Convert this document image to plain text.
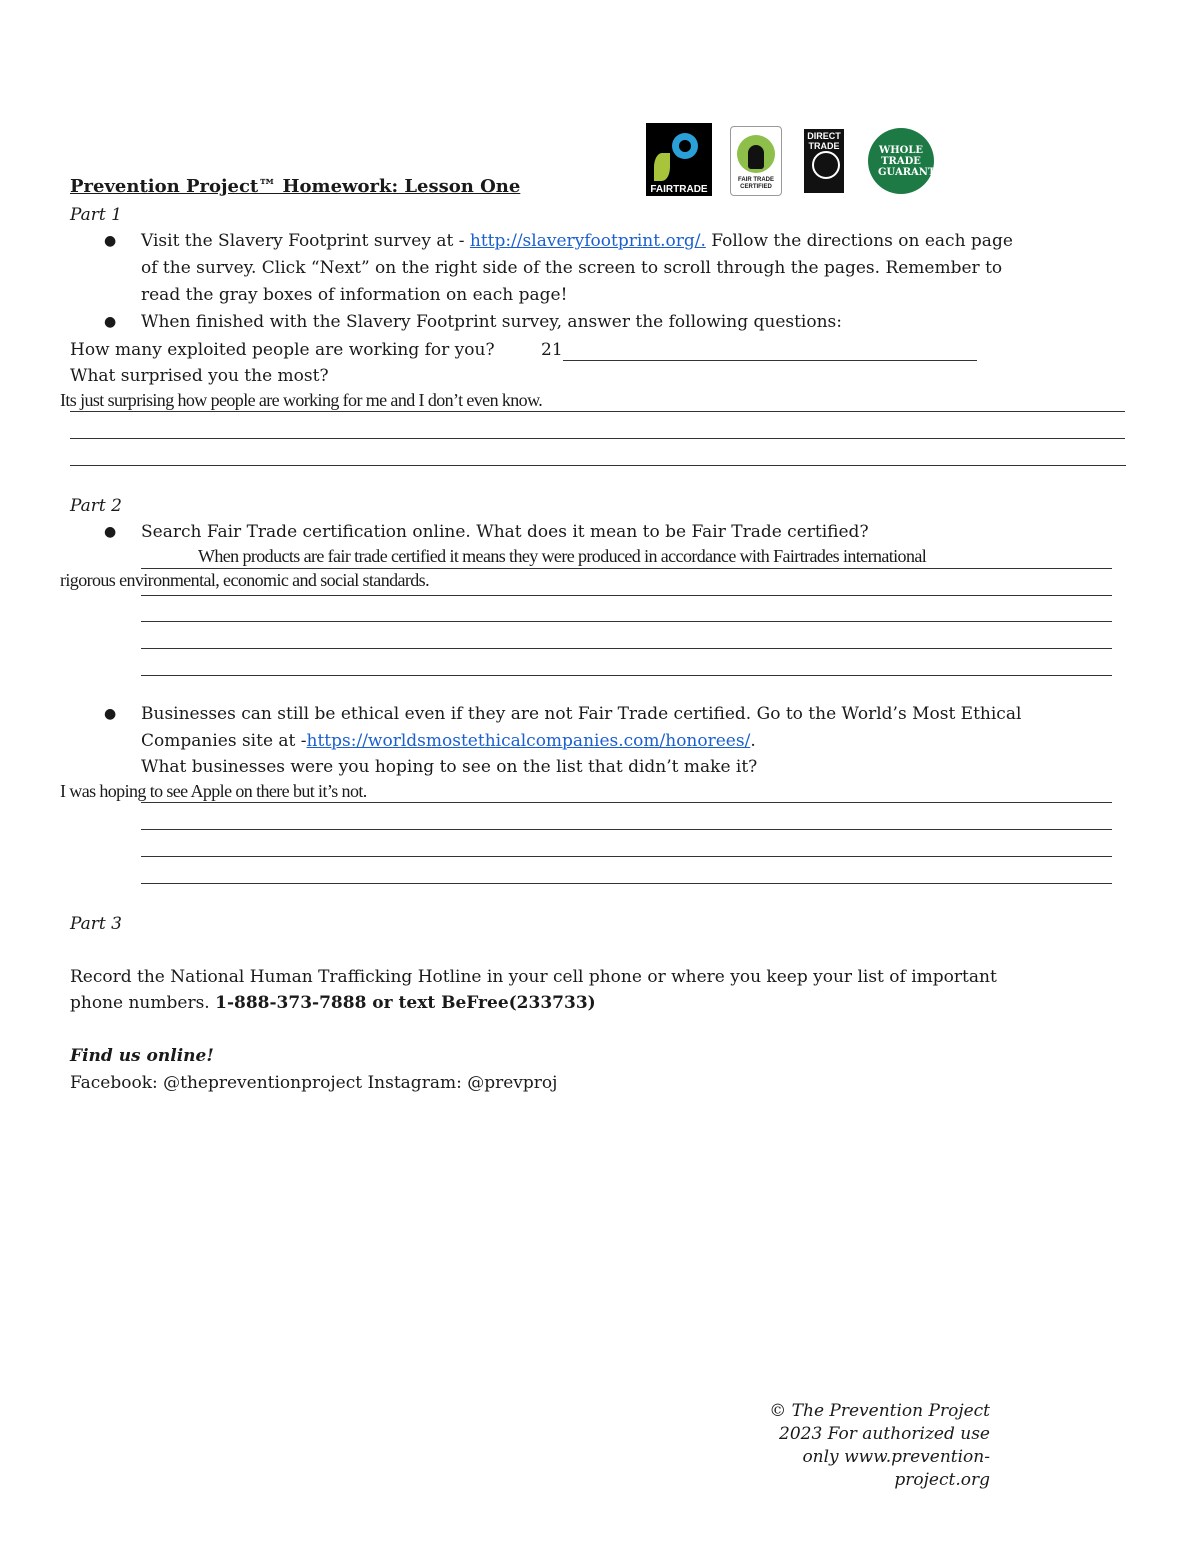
Prevention Project™ Homework: Lesson One	FAIRTRADE
FAIR TRADE CERTIFIED
DIRECT TRADE	WHOLE TRADE GUARANTEE
Part 1
● Visit the Slavery Footprint survey at - http://slaveryfootprint.org/. Follow the directions on each page
of the survey. Click “Next” on the right side of the screen to scroll through the pages. Remember to
read the gray boxes of information on each page!
● When finished with the Slavery Footprint survey, answer the following questions:
How many exploited people are working for you?	21
What surprised you the most?
Its just surprising how people are working for me and I don’t even know.
Part 2
● Search Fair Trade certification online. What does it mean to be Fair Trade certified?
When products are fair trade certified it means they were produced in accordance with Fairtrades international
rigorous environmental, economic and social standards.
● Businesses can still be ethical even if they are not Fair Trade certified. Go to the World’s Most Ethical
Companies site at -https://worldsmostethicalcompanies.com/honorees/.
What businesses were you hoping to see on the list that didn’t make it?
I was hoping to see Apple on there but it’s not.
Part 3
Record the National Human Trafficking Hotline in your cell phone or where you keep your list of important
phone numbers. 1-888-373-7888 or text BeFree(233733)
Find us online!
Facebook: @thepreventionproject Instagram: @prevproj
© The Prevention Project
2023 For authorized use
only www.prevention-
project.org
